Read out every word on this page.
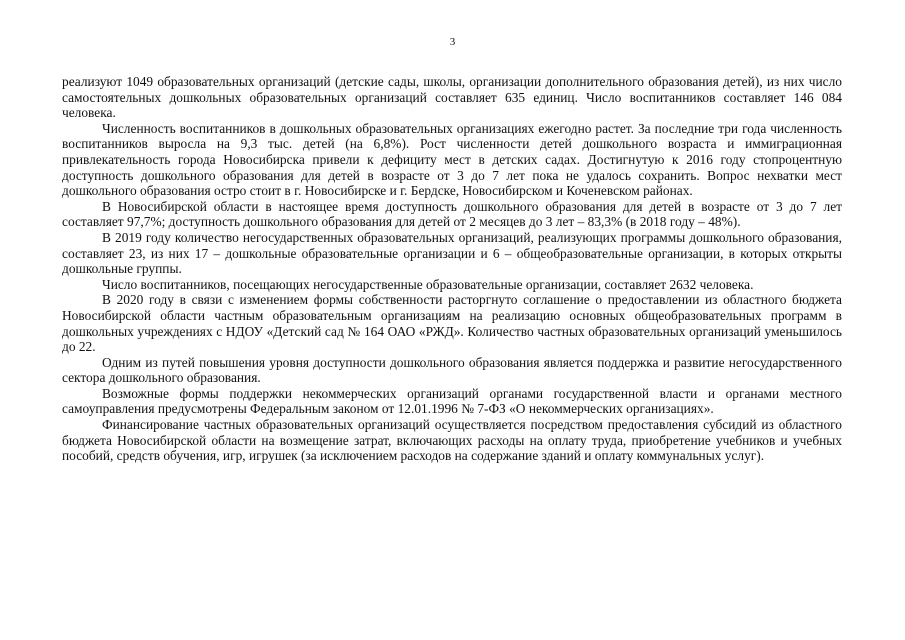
3

реализуют 1049 образовательных организаций (детские сады, школы, организации дополнительного образования детей), из них число самостоятельных дошкольных образовательных организаций составляет 635 единиц. Число воспитанников составляет 146 084 человека.

Численность воспитанников в дошкольных образовательных организациях ежегодно растет. За последние три года численность воспитанников выросла на 9,3 тыс. детей (на 6,8%). Рост численности детей дошкольного возраста и иммиграционная привлекательность города Новосибирска привели к дефициту мест в детских садах. Достигнутую к 2016 году стопроцентную доступность дошкольного образования для детей в возрасте от 3 до 7 лет пока не удалось сохранить. Вопрос нехватки мест дошкольного образования остро стоит в г. Новосибирске и г. Бердске, Новосибирском и Коченевском районах.

В Новосибирской области в настоящее время доступность дошкольного образования для детей в возрасте от 3 до 7 лет составляет 97,7%; доступность дошкольного образования для детей от 2 месяцев до 3 лет – 83,3% (в 2018 году – 48%).

В 2019 году количество негосударственных образовательных организаций, реализующих программы дошкольного образования, составляет 23, из них 17 – дошкольные образовательные организации и 6 – общеобразовательные организации, в которых открыты дошкольные группы.

Число воспитанников, посещающих негосударственные образовательные организации, составляет 2632 человека.

В 2020 году в связи с изменением формы собственности расторгнуто соглашение о предоставлении из областного бюджета Новосибирской области частным образовательным организациям на реализацию основных общеобразовательных программ в дошкольных учреждениях с НДОУ «Детский сад № 164 ОАО «РЖД». Количество частных образовательных организаций уменьшилось до 22.

Одним из путей повышения уровня доступности дошкольного образования является поддержка и развитие негосударственного сектора дошкольного образования.

Возможные формы поддержки некоммерческих организаций органами государственной власти и органами местного самоуправления предусмотрены Федеральным законом от 12.01.1996 № 7-ФЗ «О некоммерческих организациях».

Финансирование частных образовательных организаций осуществляется посредством предоставления субсидий из областного бюджета Новосибирской области на возмещение затрат, включающих расходы на оплату труда, приобретение учебников и учебных пособий, средств обучения, игр, игрушек (за исключением расходов на содержание зданий и оплату коммунальных услуг).
